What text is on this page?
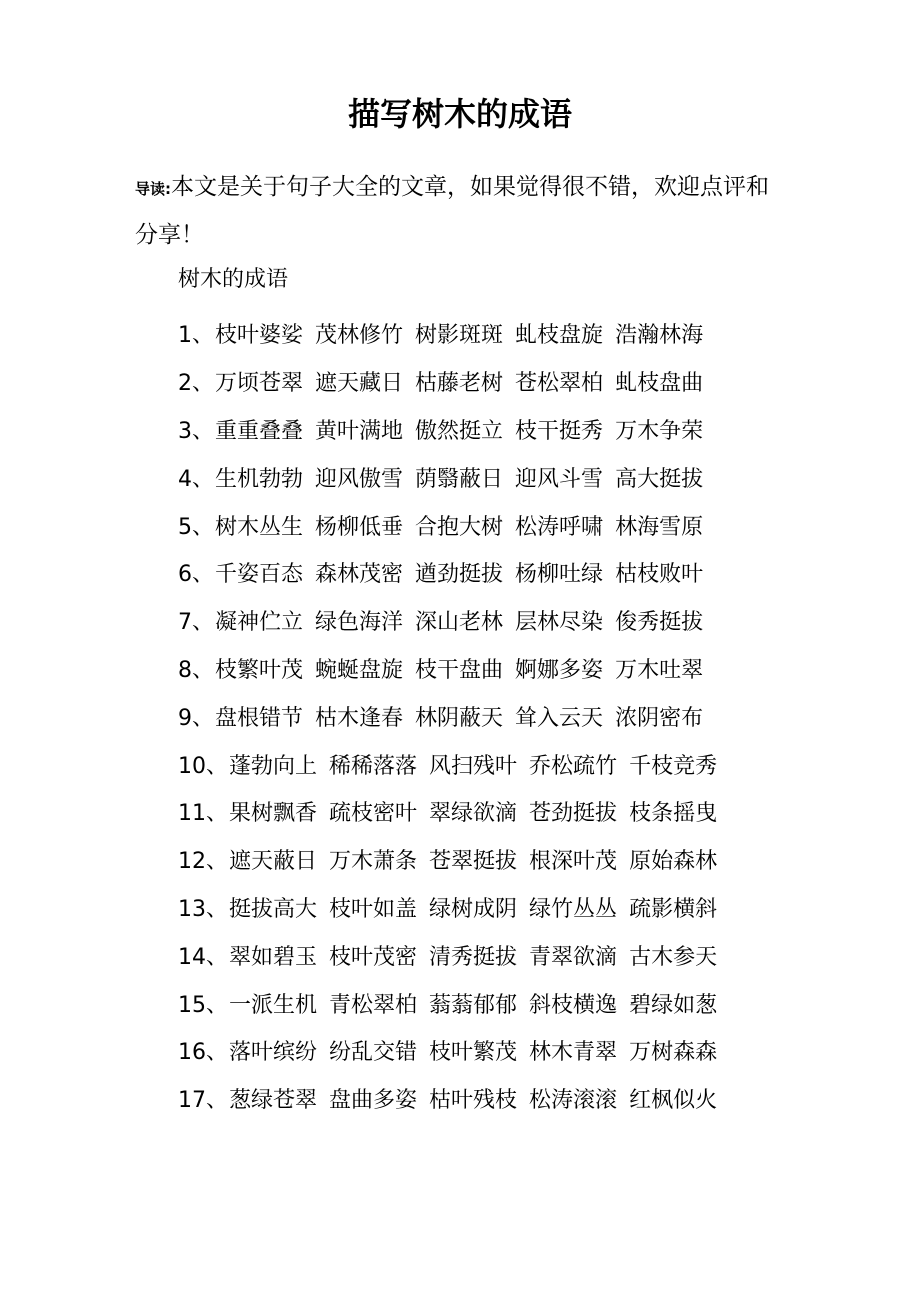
描写树木的成语
导读:本文是关于句子大全的文章，如果觉得很不错，欢迎点评和分享！
树木的成语
1、 枝叶婆娑 茂林修竹 树影斑斑 虬枝盘旋 浩瀚林海
2、 万顷苍翠 遮天藏日 枯藤老树 苍松翠柏 虬枝盘曲
3、 重重叠叠 黄叶满地 傲然挺立 枝干挺秀 万木争荣
4、 生机勃勃 迎风傲雪 荫翳蔽日 迎风斗雪 高大挺拔
5、 树木丛生 杨柳低垂 合抱大树 松涛呼啸 林海雪原
6、 千姿百态 森林茂密 遒劲挺拔 杨柳吐绿 枯枝败叶
7、 凝神伫立 绿色海洋 深山老林 层林尽染 俊秀挺拔
8、 枝繁叶茂 蜿蜒盘旋 枝干盘曲 婀娜多姿 万木吐翠
9、 盘根错节 枯木逢春 林阴蔽天 耸入云天 浓阴密布
10、 蓬勃向上 稀稀落落 风扫残叶 乔松疏竹 千枝竞秀
11、 果树飘香 疏枝密叶 翠绿欲滴 苍劲挺拔 枝条摇曳
12、 遮天蔽日 万木萧条 苍翠挺拔 根深叶茂 原始森林
13、 挺拔高大 枝叶如盖 绿树成阴 绿竹丛丛 疏影横斜
14、 翠如碧玉 枝叶茂密 清秀挺拔 青翠欲滴 古木参天
15、 一派生机 青松翠柏 蓊蓊郁郁 斜枝横逸 碧绿如葱
16、 落叶缤纷 纷乱交错 枝叶繁茂 林木青翠 万树森森
17、 葱绿苍翠 盘曲多姿 枯叶残枝 松涛滚滚 红枫似火
